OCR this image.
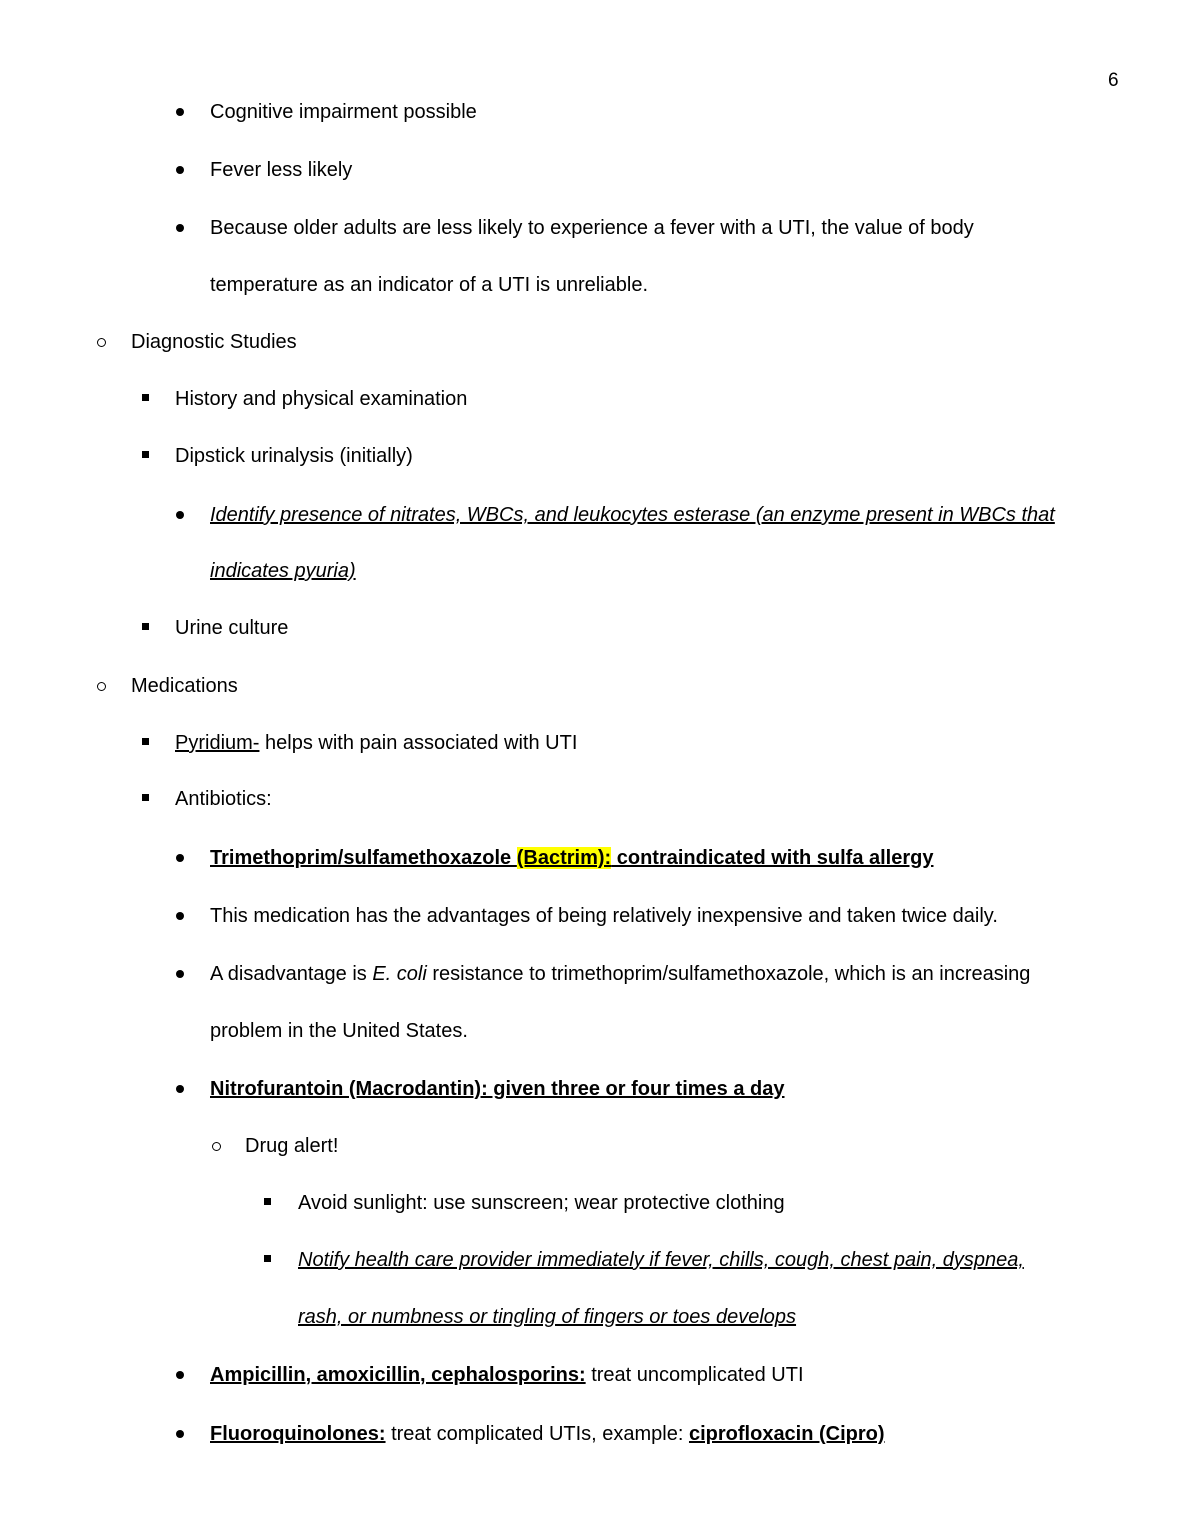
6
Cognitive impairment possible
Fever less likely
Because older adults are less likely to experience a fever with a UTI, the value of body
temperature as an indicator of a UTI is unreliable.
Diagnostic Studies
History and physical examination
Dipstick urinalysis (initially)
Identify presence of nitrates, WBCs, and leukocytes esterase (an enzyme present in WBCs that
indicates pyuria)
Urine culture
Medications
Pyridium- helps with pain associated with UTI
Antibiotics:
Trimethoprim/sulfamethoxazole (Bactrim): contraindicated with sulfa allergy
This medication has the advantages of being relatively inexpensive and taken twice daily.
A disadvantage is E. coli resistance to trimethoprim/sulfamethoxazole, which is an increasing
problem in the United States.
Nitrofurantoin (Macrodantin): given three or four times a day
Drug alert!
Avoid sunlight: use sunscreen; wear protective clothing
Notify health care provider immediately if fever, chills, cough, chest pain, dyspnea,
rash, or numbness or tingling of fingers or toes develops
Ampicillin, amoxicillin, cephalosporins: treat uncomplicated UTI
Fluoroquinolones: treat complicated UTIs, example: ciprofloxacin (Cipro)
